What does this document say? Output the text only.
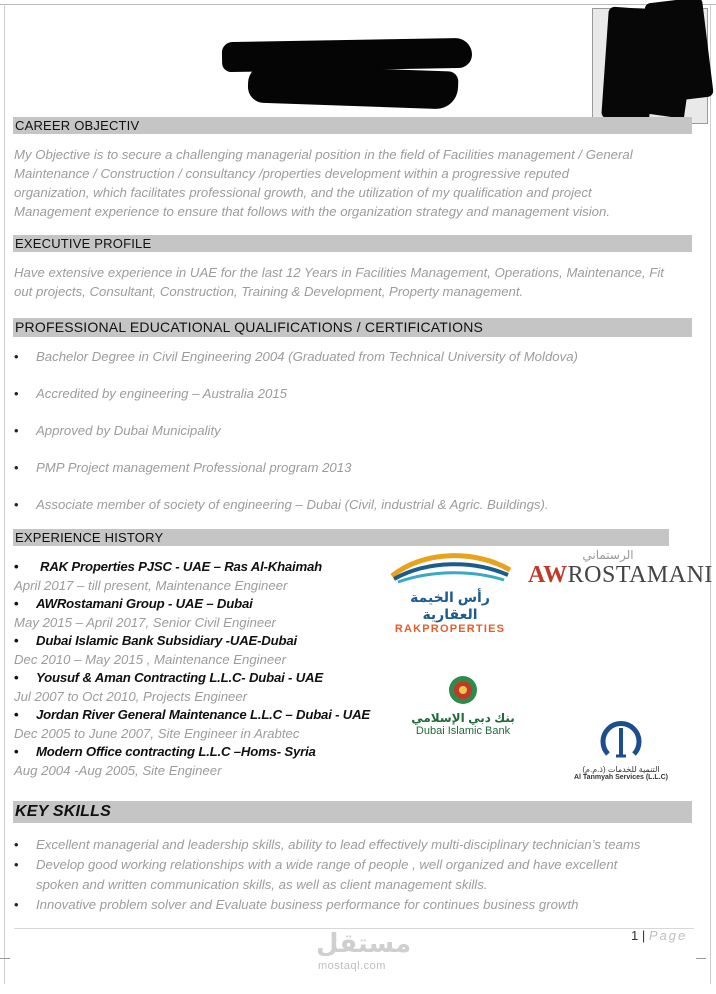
CAREER OBJECTIV
My Objective is to secure a challenging managerial position in the field of Facilities management / General
Maintenance / Construction / consultancy /properties development within a progressive reputed
organization, which facilitates professional growth, and the utilization of my qualification and project
Management experience to ensure that follows with the organization strategy and management vision.
EXECUTIVE PROFILE
Have extensive experience in UAE for the last 12 Years in Facilities Management, Operations, Maintenance, Fit
out projects, Consultant, Construction, Training & Development, Property management.
PROFESSIONAL EDUCATIONAL QUALIFICATIONS / CERTIFICATIONS
• Bachelor Degree in Civil Engineering 2004 (Graduated from Technical University of Moldova)
• Accredited by engineering – Australia 2015
• Approved by Dubai Municipality
• PMP Project management Professional program 2013
• Associate member of society of engineering – Dubai (Civil, industrial & Agric. Buildings).
EXPERIENCE HISTORY
• RAK Properties PJSC - UAE – Ras Al-Khaimah
April 2017 – till present, Maintenance Engineer
• AWRostamani Group - UAE – Dubai
May 2015 – April 2017, Senior Civil Engineer
• Dubai Islamic Bank Subsidiary -UAE-Dubai
Dec 2010 – May 2015 , Maintenance Engineer
• Yousuf & Aman Contracting L.L.C- Dubai - UAE
Jul 2007 to Oct 2010, Projects Engineer
• Jordan River General Maintenance L.L.C – Dubai - UAE
Dec 2005 to June 2007, Site Engineer in Arabtec
• Modern Office contracting L.L.C –Homs- Syria
Aug 2004 -Aug 2005, Site Engineer
رأس الخيمة العقارية
RAKPROPERTIES
الرستماني
AWROSTAMANI
بنك دبي الإسلامي
Dubai Islamic Bank
التنمية للخدمات (ذ.م.م)
Al Tanmyah Services (L.L.C)
KEY SKILLS
• Excellent managerial and leadership skills, ability to lead effectively multi-disciplinary technician’s teams
• Develop good working relationships with a wide range of people , well organized and have excellent
spoken and written communication skills, as well as client management skills.
• Innovative problem solver and Evaluate business performance for continues business growth
1 | Page
مستقل
mostaql.com
